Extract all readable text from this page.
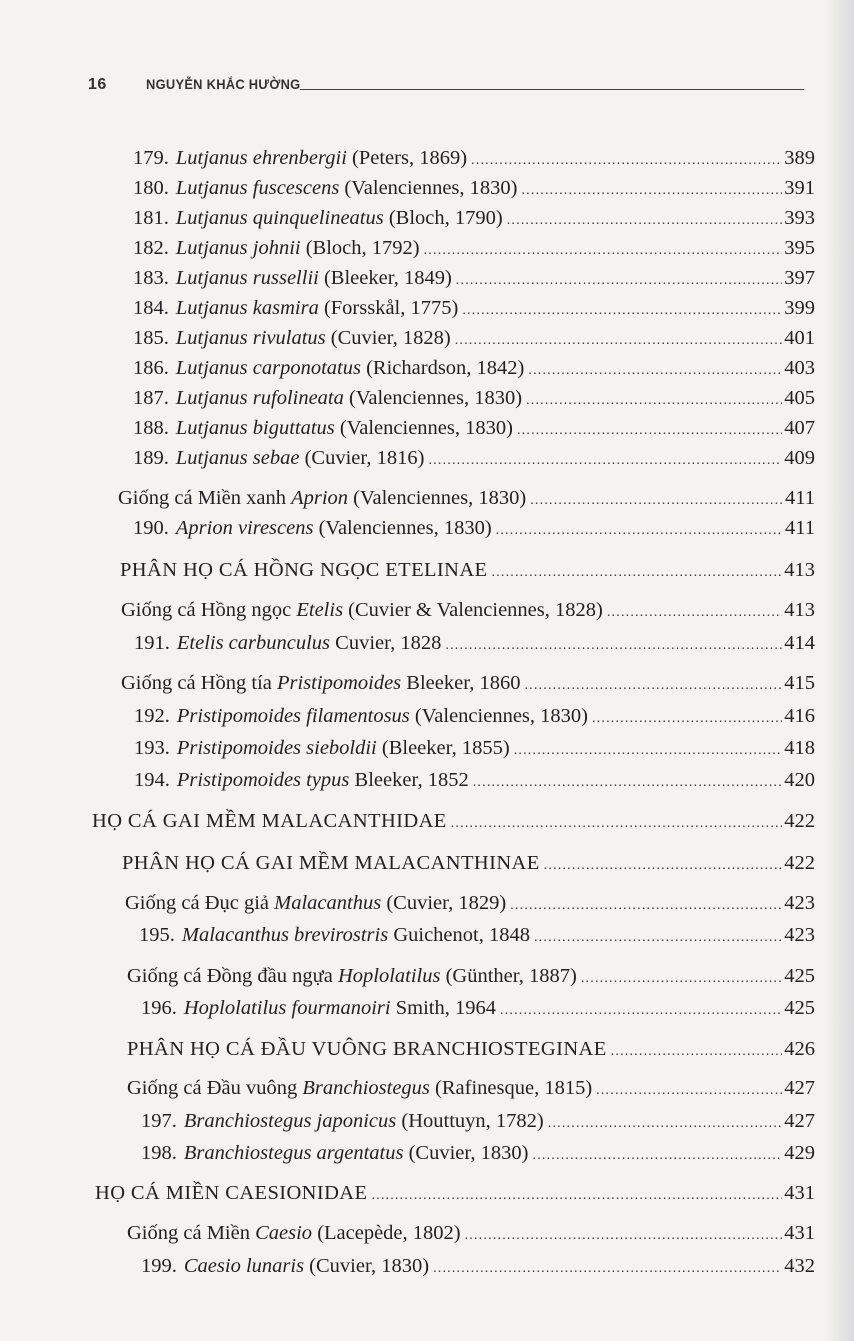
16	NGUYỄN KHẮC HƯỜNG
179. Lutjanus ehrenbergii (Peters, 1869) .....	389
180. Lutjanus fuscescens (Valenciennes, 1830) .....	391
181. Lutjanus quinquelineatus (Bloch, 1790) .....	393
182. Lutjanus johnii (Bloch, 1792) .....	395
183. Lutjanus russellii (Bleeker, 1849) .....	397
184. Lutjanus kasmira (Forsskål, 1775) .....	399
185. Lutjanus rivulatus (Cuvier, 1828) .....	401
186. Lutjanus carponotatus (Richardson, 1842) .....	403
187. Lutjanus rufolineata (Valenciennes, 1830) .....	405
188. Lutjanus biguttatus (Valenciennes, 1830) .....	407
189. Lutjanus sebae (Cuvier, 1816) .....	409
Giống cá Miền xanh Aprion (Valenciennes, 1830) .....	411
190. Aprion virescens (Valenciennes, 1830) .....	411
PHÂN HỌ CÁ HỒNG NGỌC ETELINAE .....	413
Giống cá Hồng ngọc Etelis (Cuvier & Valenciennes, 1828) .....	413
191. Etelis carbunculus Cuvier, 1828 .....	414
Giống cá Hồng tía Pristipomoides Bleeker, 1860 .....	415
192. Pristipomoides filamentosus (Valenciennes, 1830) .....	416
193. Pristipomoides sieboldii (Bleeker, 1855) .....	418
194. Pristipomoides typus Bleeker, 1852 .....	420
HỌ CÁ GAI MỀM MALACANTHIDAE .....	422
PHÂN HỌ CÁ GAI MỀM MALACANTHINAE .....	422
Giống cá Đục giả Malacanthus (Cuvier, 1829) .....	423
195. Malacanthus brevirostris Guichenot, 1848 .....	423
Giống cá Đồng đầu ngựa Hoplolatilus (Günther, 1887) .....	425
196. Hoplolatilus fourmanoiri Smith, 1964 .....	425
PHÂN HỌ CÁ ĐẦU VUÔNG BRANCHIOSTEGINAE .....	426
Giống cá Đầu vuông Branchiostegus (Rafinesque, 1815) .....	427
197. Branchiostegus japonicus (Houttuyn, 1782) .....	427
198. Branchiostegus argentatus (Cuvier, 1830) .....	429
HỌ CÁ MIỀN CAESIONIDAE .....	431
Giống cá Miền Caesio (Lacepède, 1802) .....	431
199. Caesio lunaris (Cuvier, 1830) .....	432
